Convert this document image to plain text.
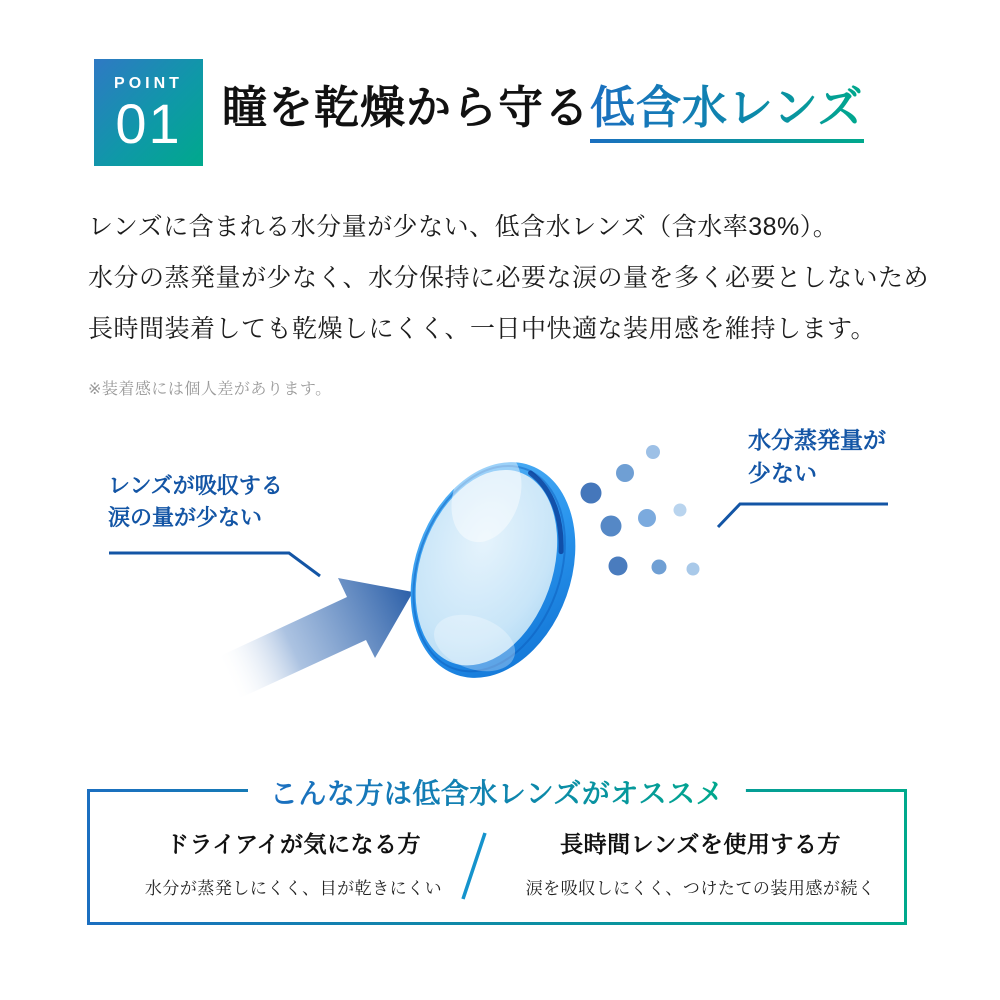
POINT
01 瞳を乾燥から守る低含水レンズ
レンズに含まれる水分量が少ない、低含水レンズ（含水率38%）。
水分の蒸発量が少なく、水分保持に必要な涙の量を多く必要としないため
長時間装着しても乾燥しにくく、一日中快適な装用感を維持します。
※装着感には個人差があります。
レンズが吸収する
涙の量が少ない
水分蒸発量が
少ない
こんな方は低含水レンズがオススメ
ドライアイが気になる方
水分が蒸発しにくく、目が乾きにくい
長時間レンズを使用する方
涙を吸収しにくく、つけたての装用感が続く
